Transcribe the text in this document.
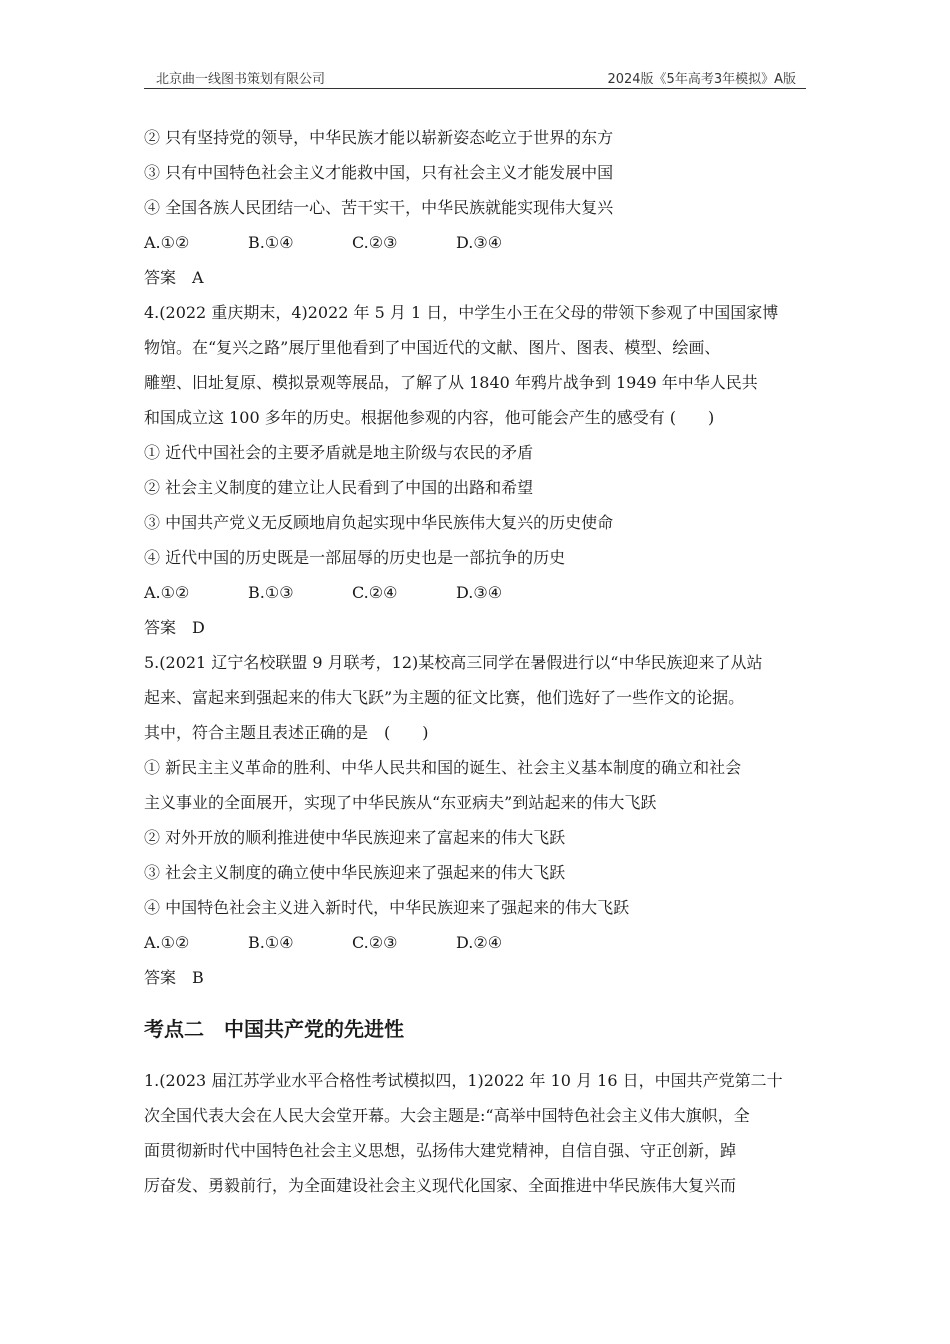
北京曲一线图书策划有限公司	2024版《5年高考3年模拟》A版
② 只有坚持党的领导，中华民族才能以崭新姿态屹立于世界的东方
③ 只有中国特色社会主义才能救中国，只有社会主义才能发展中国
④ 全国各族人民团结一心、苦干实干，中华民族就能实现伟大复兴
A.①②	B.①④	C.②③	D.③④
答案　A
4.(2022 重庆期末，4)2022 年 5 月 1 日，中学生小王在父母的带领下参观了中国国家博
物馆。在“复兴之路”展厅里他看到了中国近代的文献、图片、图表、模型、绘画、
雕塑、旧址复原、模拟景观等展品，了解了从 1840 年鸦片战争到 1949 年中华人民共
和国成立这 100 多年的历史。根据他参观的内容，他可能会产生的感受有 (　　)
① 近代中国社会的主要矛盾就是地主阶级与农民的矛盾
② 社会主义制度的建立让人民看到了中国的出路和希望
③ 中国共产党义无反顾地肩负起实现中华民族伟大复兴的历史使命
④ 近代中国的历史既是一部屈辱的历史也是一部抗争的历史
A.①②	B.①③	C.②④	D.③④
答案　D
5.(2021 辽宁名校联盟 9 月联考，12)某校高三同学在暑假进行以“中华民族迎来了从站
起来、富起来到强起来的伟大飞跃”为主题的征文比赛，他们选好了一些作文的论据。
其中，符合主题且表述正确的是　(　　)
① 新民主主义革命的胜利、中华人民共和国的诞生、社会主义基本制度的确立和社会
主义事业的全面展开，实现了中华民族从“东亚病夫”到站起来的伟大飞跃
② 对外开放的顺利推进使中华民族迎来了富起来的伟大飞跃
③ 社会主义制度的确立使中华民族迎来了强起来的伟大飞跃
④ 中国特色社会主义进入新时代，中华民族迎来了强起来的伟大飞跃
A.①②	B.①④	C.②③	D.②④
答案　B
考点二　中国共产党的先进性
1.(2023 届江苏学业水平合格性考试模拟四，1)2022 年 10 月 16 日，中国共产党第二十
次全国代表大会在人民大会堂开幕。大会主题是:“高举中国特色社会主义伟大旗帜，全
面贯彻新时代中国特色社会主义思想，弘扬伟大建党精神，自信自强、守正创新，踔
厉奋发、勇毅前行，为全面建设社会主义现代化国家、全面推进中华民族伟大复兴而
